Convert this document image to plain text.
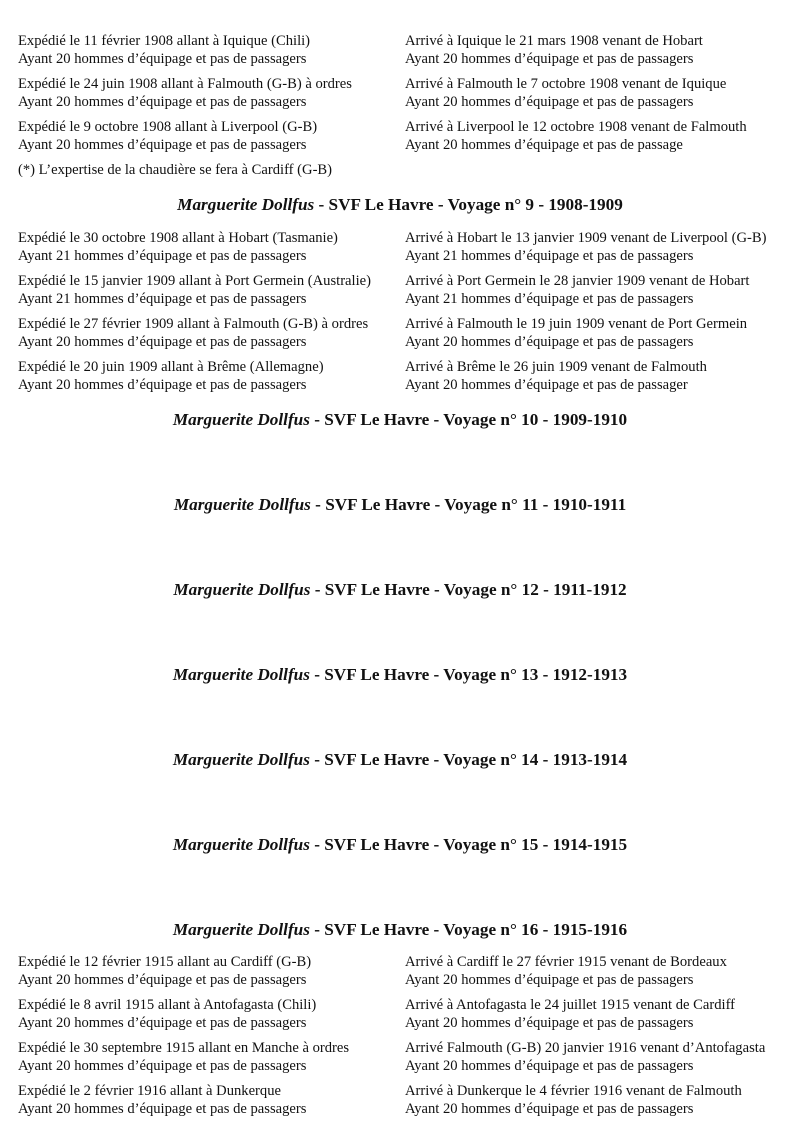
Expédié le 11 février 1908 allant à Iquique (Chili)
Ayant 20 hommes d’équipage et pas de passagers
Arrivé à Iquique le 21 mars 1908 venant de Hobart
Ayant 20 hommes d’équipage et pas de passagers
Expédié le 24 juin 1908 allant à Falmouth (G-B) à ordres
Ayant 20 hommes d’équipage et pas de passagers
Arrivé à Falmouth le 7 octobre 1908 venant de Iquique
Ayant 20 hommes d’équipage et pas de passagers
Expédié le 9 octobre 1908 allant à Liverpool (G-B)
Ayant 20 hommes d’équipage et pas de passagers
Arrivé à Liverpool le 12 octobre 1908 venant de Falmouth
Ayant 20 hommes d’équipage et pas de passage
(*) L’expertise de la chaudière se fera à Cardiff (G-B)
Marguerite Dollfus - SVF Le Havre - Voyage n° 9 - 1908-1909
Expédié le 30 octobre 1908 allant à Hobart (Tasmanie)
Ayant 21 hommes d’équipage et pas de passagers
Arrivé à Hobart le 13 janvier 1909 venant de Liverpool (G-B)
Ayant 21 hommes d’équipage et pas de passagers
Expédié le 15 janvier 1909 allant à Port Germein (Australie)
Ayant 21 hommes d’équipage et pas de passagers
Arrivé à Port Germein le 28 janvier 1909 venant de Hobart
Ayant 21 hommes d’équipage et pas de passagers
Expédié le 27 février 1909 allant à Falmouth (G-B) à ordres
Ayant 20 hommes d’équipage et pas de passagers
Arrivé à Falmouth le 19 juin 1909 venant de Port Germein
Ayant 20 hommes d’équipage et pas de passagers
Expédié le 20 juin 1909 allant à Brême (Allemagne)
Ayant 20 hommes d’équipage et pas de passagers
Arrivé à Brême le 26 juin 1909 venant de Falmouth
Ayant 20 hommes d’équipage et pas de passager
Marguerite Dollfus - SVF Le Havre - Voyage n° 10 - 1909-1910
Marguerite Dollfus - SVF Le Havre - Voyage n° 11 - 1910-1911
Marguerite Dollfus - SVF Le Havre - Voyage n° 12 - 1911-1912
Marguerite Dollfus - SVF Le Havre - Voyage n° 13 - 1912-1913
Marguerite Dollfus - SVF Le Havre - Voyage n° 14 - 1913-1914
Marguerite Dollfus - SVF Le Havre - Voyage n° 15 - 1914-1915
Marguerite Dollfus - SVF Le Havre - Voyage n° 16 - 1915-1916
Expédié le 12 février 1915 allant au Cardiff (G-B)
Ayant 20 hommes d’équipage et pas de passagers
Arrivé à Cardiff le 27 février 1915 venant de Bordeaux
Ayant 20 hommes d’équipage et pas de passagers
Expédié le 8 avril 1915 allant à Antofagasta (Chili)
Ayant 20 hommes d’équipage et pas de passagers
Arrivé à Antofagasta le 24 juillet 1915 venant de Cardiff
Ayant 20 hommes d’équipage et pas de passagers
Expédié le 30 septembre 1915 allant en Manche à ordres
Ayant 20 hommes d’équipage et pas de passagers
Arrivé Falmouth (G-B) 20 janvier 1916 venant d’Antofagasta
Ayant 20 hommes d’équipage et pas de passagers
Expédié le 2 février 1916 allant à Dunkerque
Ayant 20 hommes d’équipage et pas de passagers
Arrivé à Dunkerque le 4 février 1916 venant de Falmouth
Ayant 20 hommes d’équipage et pas de passagers
